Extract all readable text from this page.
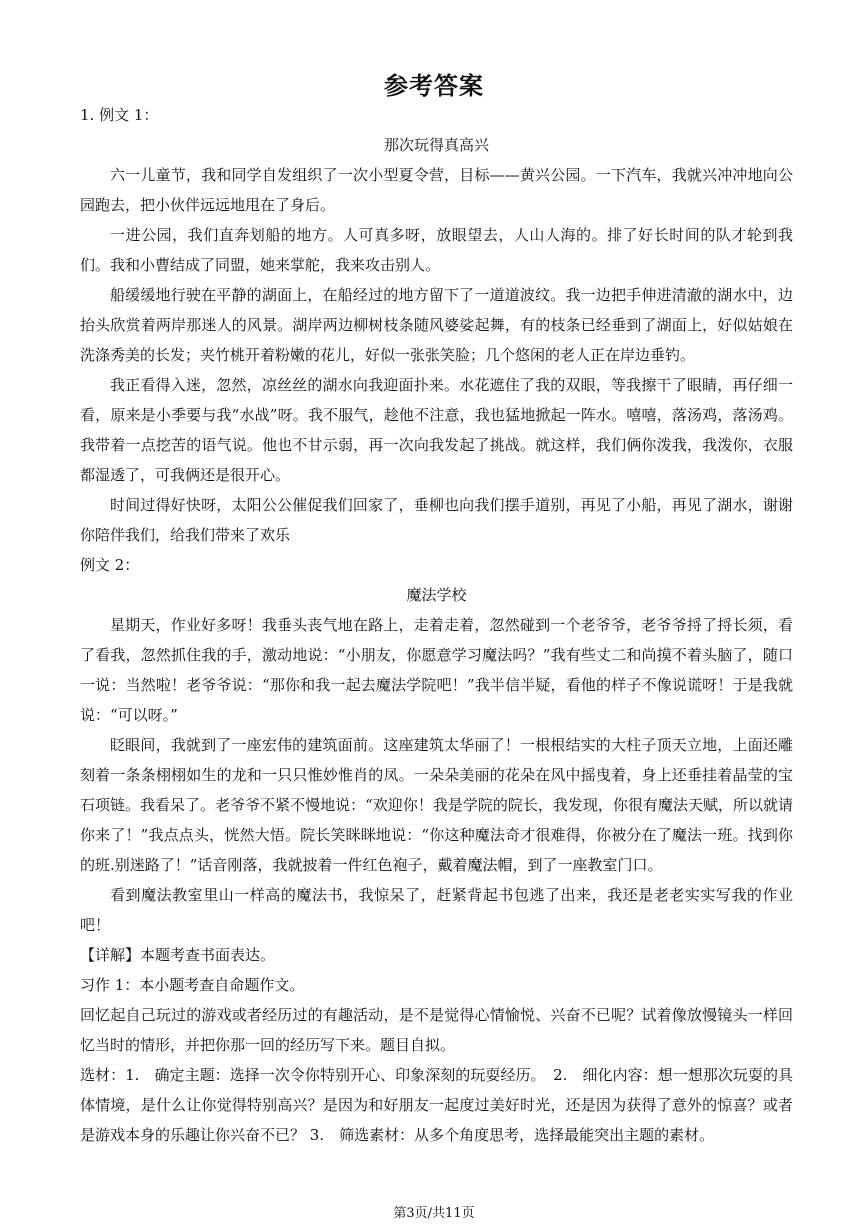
参考答案

1. 例文 1：

那次玩得真高兴

六一儿童节，我和同学自发组织了一次小型夏令营，目标——黄兴公园。一下汽车，我就兴冲冲地向公园跑去，把小伙伴远远地甩在了身后。

一进公园，我们直奔划船的地方。人可真多呀，放眼望去，人山人海的。排了好长时间的队才轮到我们。我和小曹结成了同盟，她来掌舵，我来攻击别人。

船缓缓地行驶在平静的湖面上，在船经过的地方留下了一道道波纹。我一边把手伸进清澈的湖水中，边抬头欣赏着两岸那迷人的风景。湖岸两边柳树枝条随风婆娑起舞，有的枝条已经垂到了湖面上，好似姑娘在洗涤秀美的长发；夹竹桃开着粉嫩的花儿，好似一张张笑脸；几个悠闲的老人正在岸边垂钓。

我正看得入迷，忽然，凉丝丝的湖水向我迎面扑来。水花遮住了我的双眼，等我擦干了眼睛，再仔细一看，原来是小季要与我“水战”呀。我不服气，趁他不注意，我也猛地掀起一阵水。嘻嘻，落汤鸡，落汤鸡。我带着一点挖苦的语气说。他也不甘示弱，再一次向我发起了挑战。就这样，我们俩你泼我，我泼你，衣服都湿透了，可我俩还是很开心。

时间过得好快呀，太阳公公催促我们回家了，垂柳也向我们摆手道别，再见了小船，再见了湖水，谢谢你陪伴我们，给我们带来了欢乐

例文 2：

魔法学校

星期天，作业好多呀！我垂头丧气地在路上，走着走着，忽然碰到一个老爷爷，老爷爷捋了捋长须，看了看我，忽然抓住我的手，激动地说：“小朋友，你愿意学习魔法吗？”我有些丈二和尚摸不着头脑了，随口一说：当然啦！老爷爷说：“那你和我一起去魔法学院吧！”我半信半疑，看他的样子不像说谎呀！于是我就说：“可以呀。”

眨眼间，我就到了一座宏伟的建筑面前。这座建筑太华丽了！一根根结实的大柱子顶天立地，上面还雕刻着一条条栩栩如生的龙和一只只惟妙惟肖的凤。一朵朵美丽的花朵在风中摇曳着，身上还垂挂着晶莹的宝石项链。我看呆了。老爷爷不紧不慢地说：“欢迎你！我是学院的院长，我发现，你很有魔法天赋，所以就请你来了！”我点点头，恍然大悟。院长笑眯眯地说：“你这种魔法奇才很难得，你被分在了魔法一班。找到你的班.别迷路了！”话音刚落，我就披着一件红色袍子，戴着魔法帽，到了一座教室门口。

看到魔法教室里山一样高的魔法书，我惊呆了，赶紧背起书包逃了出来，我还是老老实实写我的作业吧！

【详解】本题考查书面表达。

习作 1：本小题考查自命题作文。

回忆起自己玩过的游戏或者经历过的有趣活动，是不是觉得心情愉悦、兴奋不已呢？试着像放慢镜头一样回忆当时的情形，并把你那一回的经历写下来。题目自拟。

选材：1.　确定主题：选择一次令你特别开心、印象深刻的玩耍经历。　2.　细化内容：想一想那次玩耍的具体情境，是什么让你觉得特别高兴？是因为和好朋友一起度过美好时光，还是因为获得了意外的惊喜？或者是游戏本身的乐趣让你兴奋不已？ 3.　筛选素材：从多个角度思考，选择最能突出主题的素材。

第3页/共11页
